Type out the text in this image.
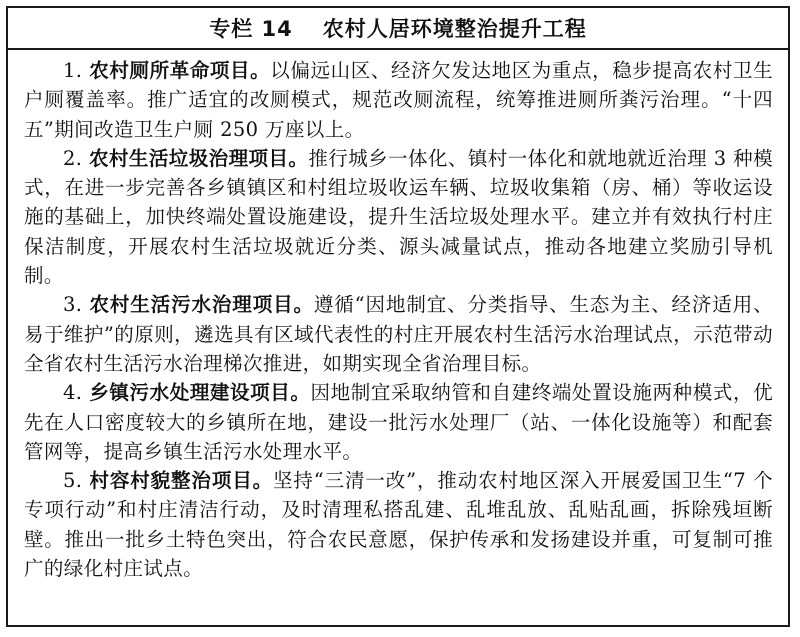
专栏 14 农村人居环境整治提升工程

1. 农村厕所革命项目。以偏远山区、经济欠发达地区为重点，稳步提高农村卫生户厕覆盖率。推广适宜的改厕模式，规范改厕流程，统筹推进厕所粪污治理。“十四五”期间改造卫生户厕 250 万座以上。

2. 农村生活垃圾治理项目。推行城乡一体化、镇村一体化和就地就近治理 3 种模式，在进一步完善各乡镇镇区和村组垃圾收运车辆、垃圾收集箱（房、桶）等收运设施的基础上，加快终端处置设施建设，提升生活垃圾处理水平。建立并有效执行村庄保洁制度，开展农村生活垃圾就近分类、源头减量试点，推动各地建立奖励引导机制。

3. 农村生活污水治理项目。遵循“因地制宜、分类指导、生态为主、经济适用、易于维护”的原则，遴选具有区域代表性的村庄开展农村生活污水治理试点，示范带动全省农村生活污水治理梯次推进，如期实现全省治理目标。

4. 乡镇污水处理建设项目。因地制宜采取纳管和自建终端处置设施两种模式，优先在人口密度较大的乡镇所在地，建设一批污水处理厂（站、一体化设施等）和配套管网等，提高乡镇生活污水处理水平。

5. 村容村貌整治项目。坚持“三清一改”，推动农村地区深入开展爱国卫生“7 个专项行动”和村庄清洁行动，及时清理私搭乱建、乱堆乱放、乱贴乱画，拆除残垣断壁。推出一批乡土特色突出，符合农民意愿，保护传承和发扬建设并重，可复制可推广的绿化村庄试点。
